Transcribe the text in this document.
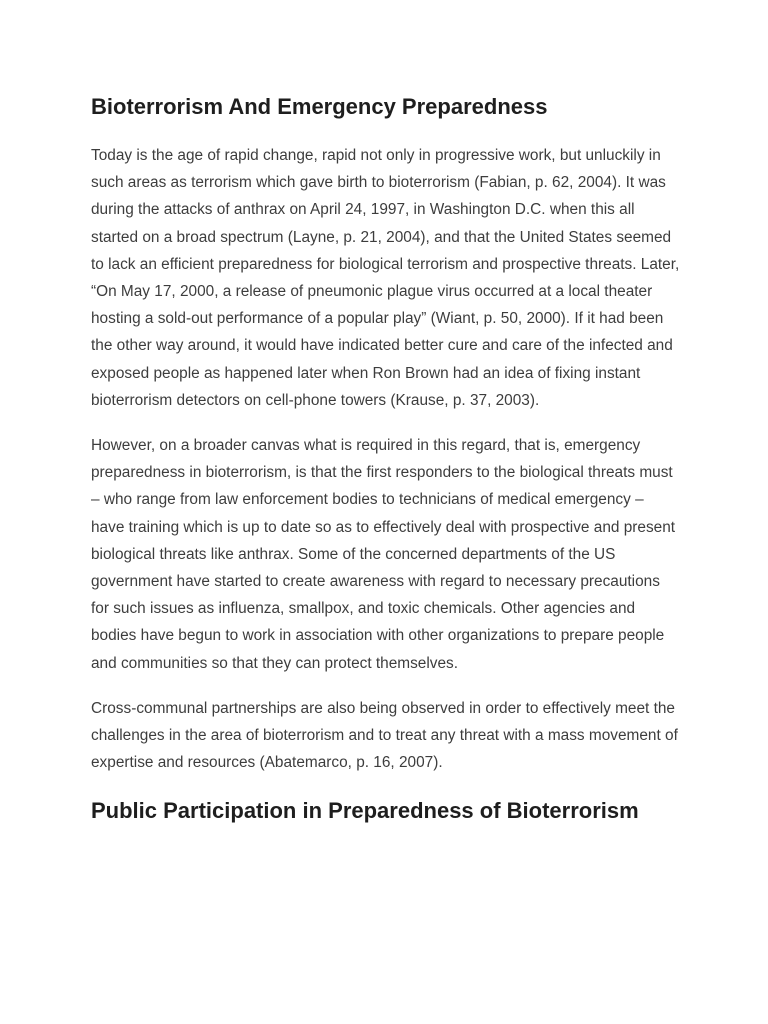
Bioterrorism And Emergency Preparedness

Today is the age of rapid change, rapid not only in progressive work, but unluckily in such areas as terrorism which gave birth to bioterrorism (Fabian, p. 62, 2004). It was during the attacks of anthrax on April 24, 1997, in Washington D.C. when this all started on a broad spectrum (Layne, p. 21, 2004), and that the United States seemed to lack an efficient preparedness for biological terrorism and prospective threats. Later, “On May 17, 2000, a release of pneumonic plague virus occurred at a local theater hosting a sold-out performance of a popular play” (Wiant, p. 50, 2000). If it had been the other way around, it would have indicated better cure and care of the infected and exposed people as happened later when Ron Brown had an idea of fixing instant bioterrorism detectors on cell-phone towers (Krause, p. 37, 2003).

However, on a broader canvas what is required in this regard, that is, emergency preparedness in bioterrorism, is that the first responders to the biological threats must – who range from law enforcement bodies to technicians of medical emergency – have training which is up to date so as to effectively deal with prospective and present biological threats like anthrax. Some of the concerned departments of the US government have started to create awareness with regard to necessary precautions for such issues as influenza, smallpox, and toxic chemicals. Other agencies and bodies have begun to work in association with other organizations to prepare people and communities so that they can protect themselves.

Cross-communal partnerships are also being observed in order to effectively meet the challenges in the area of bioterrorism and to treat any threat with a mass movement of expertise and resources (Abatemarco, p. 16, 2007).

Public Participation in Preparedness of Bioterrorism
